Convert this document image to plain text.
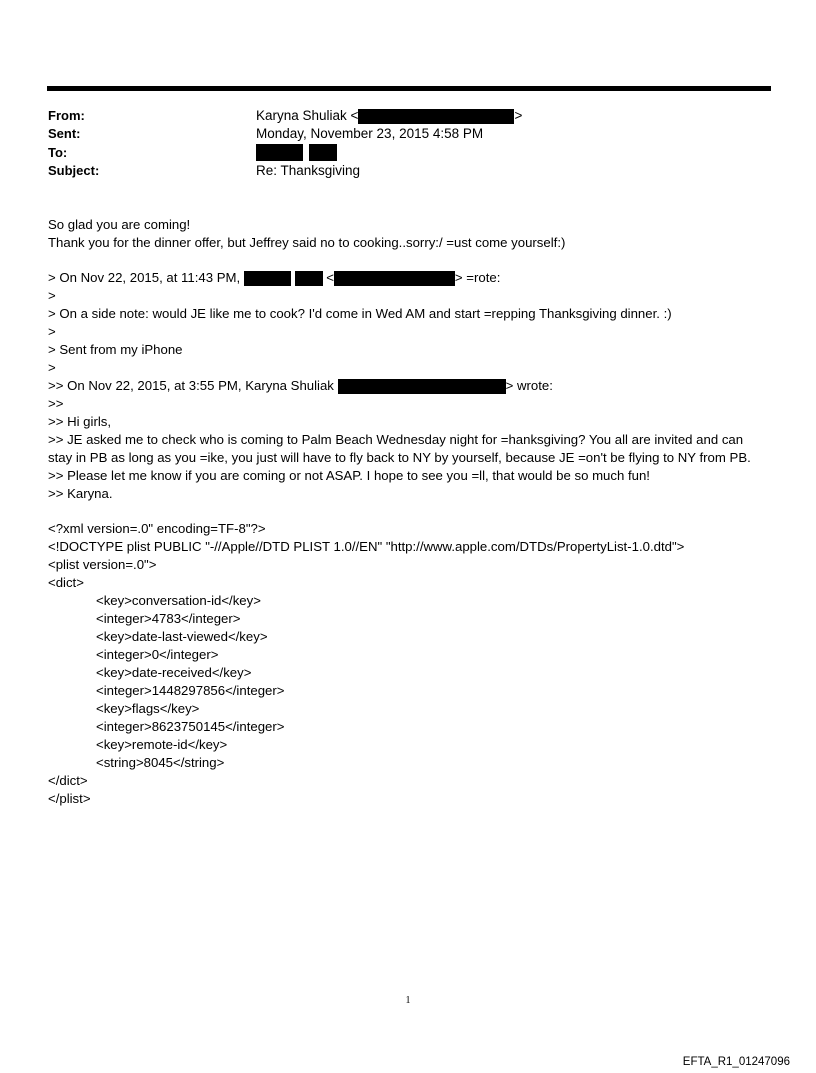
From:	Karyna Shuliak <	>
Sent:	Monday, November 23, 2015 4:58 PM
To:

Subject:	Re: Thanksgiving
So glad you are coming!
Thank you for the dinner offer, but Jeffrey said no to cooking..sorry:/ =ust come yourself:)
> On Nov 22, 2015, at 11:43 PM,	<	> =rote:
>
> On a side note: would JE like me to cook? I'd come in Wed AM and start =repping Thanksgiving dinner. :)
>
> Sent from my iPhone
>
>> On Nov 22, 2015, at 3:55 PM, Karyna Shuliak	> wrote:
>>
>> Hi girls,
>> JE asked me to check who is coming to Palm Beach Wednesday night for =hanksgiving? You all are invited and can
stay in PB as long as you =ike, you just will have to fly back to NY by yourself, because JE =on't be flying to NY from PB.
>> Please let me know if you are coming or not ASAP. I hope to see you =ll, that would be so much fun!
>> Karyna.
<?xml version=.0" encoding=TF-8"?>
<!DOCTYPE plist PUBLIC "-//Apple//DTD PLIST 1.0//EN" "http://www.apple.com/DTDs/PropertyList-1.0.dtd">
<plist version=.0">
<dict>
<key>conversation-id</key>
<integer>4783</integer>
<key>date-last-viewed</key>
<integer>0</integer>
<key>date-received</key>
<integer>1448297856</integer>
<key>flags</key>
<integer>8623750145</integer>
<key>remote-id</key>
<string>8045</string>
</dict>
</plist>
1
EFTA_R1_01247096
